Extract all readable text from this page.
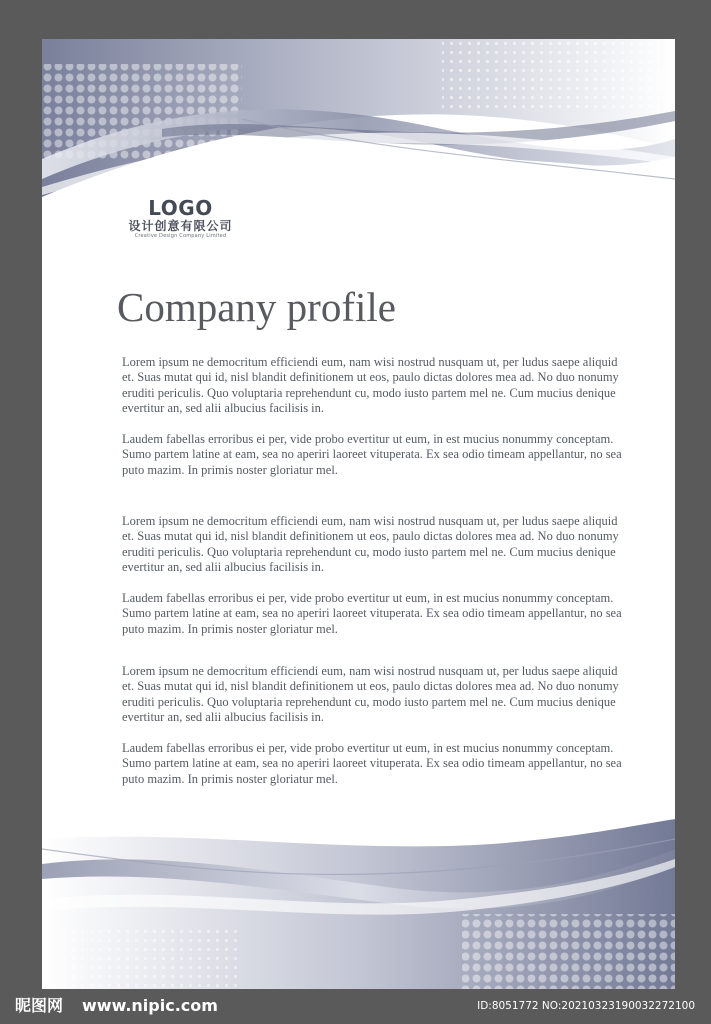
LOGO
设计创意有限公司
Creative Design Company Limited
Company profile

Lorem ipsum ne democritum efficiendi eum, nam wisi nostrud nusquam ut, per ludus saepe aliquid et. Suas mutat qui id, nisl blandit definitionem ut eos, paulo dictas dolores mea ad. No duo nonumy eruditi periculis. Quo voluptaria reprehendunt cu, modo iusto partem mel ne. Cum mucius denique evertitur an, sed alii albucius facilisis in.

Laudem fabellas erroribus ei per, vide probo evertitur ut eum, in est mucius nonummy conceptam. Sumo partem latine at eam, sea no aperiri laoreet vituperata. Ex sea odio timeam appellantur, no sea puto mazim. In primis noster gloriatur mel.

Lorem ipsum ne democritum efficiendi eum, nam wisi nostrud nusquam ut, per ludus saepe aliquid et. Suas mutat qui id, nisl blandit definitionem ut eos, paulo dictas dolores mea ad. No duo nonumy eruditi periculis. Quo voluptaria reprehendunt cu, modo iusto partem mel ne. Cum mucius denique evertitur an, sed alii albucius facilisis in.

Laudem fabellas erroribus ei per, vide probo evertitur ut eum, in est mucius nonummy conceptam. Sumo partem latine at eam, sea no aperiri laoreet vituperata. Ex sea odio timeam appellantur, no sea puto mazim. In primis noster gloriatur mel.

Lorem ipsum ne democritum efficiendi eum, nam wisi nostrud nusquam ut, per ludus saepe aliquid et. Suas mutat qui id, nisl blandit definitionem ut eos, paulo dictas dolores mea ad. No duo nonumy eruditi periculis. Quo voluptaria reprehendunt cu, modo iusto partem mel ne. Cum mucius denique evertitur an, sed alii albucius facilisis in.

Laudem fabellas erroribus ei per, vide probo evertitur ut eum, in est mucius nonummy conceptam. Sumo partem latine at eam, sea no aperiri laoreet vituperata. Ex sea odio timeam appellantur, no sea puto mazim. In primis noster gloriatur mel.

昵图网 www.nipic.com	ID:8051772 NO:20210323190032272100
